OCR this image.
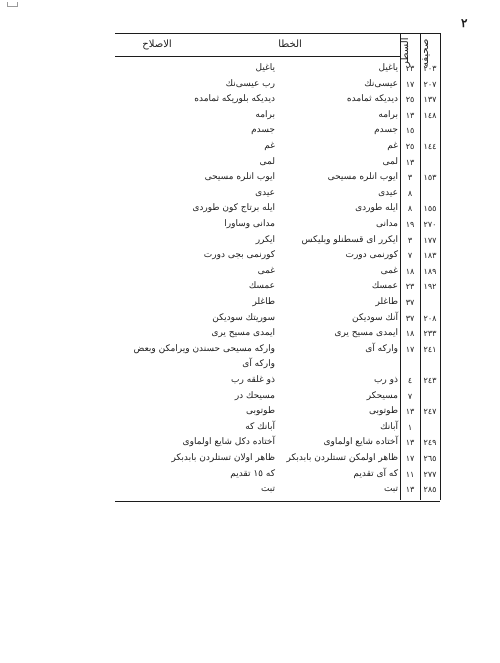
٢
صحيفه
السطر
الخطا
الاصلاح
٢٠٣
٢٣
ياغيل
ياغيل
٢٠٧
١٧
عيسى‌نك
رب عيسى‌نك
١٣٧
٢٥
ديديكه ثمامده
ديديكه بلوريكه ثمامده
١٤٨
١٣
برامه
برامه
١٥
جسدم
جسدم
١٤٤
٢٥
غم
غم
١٣
لمى
لمى
١٥٣
٣
ايوب انلره مسيحى
ايوب انلره مسيحى
٨
عيدى
عيدى
١٥٥
٨
ايله طوردى
ايله برتاج كون طوردى
٢٧٠
١٩
مدانى
مدانى وساورا
١٧٧
٣
ايكرر اى قسطنلو وبليكس
ايكرر
١٨٣
٧
كورنمى دورت
كورنمى بجى دورت
١٨٩
١٨
غمى
غمى
١٩٢
٢٣
عمسك
عمسك
٣٧
طاغلر
طاغلر
٢٠٨
٣٧
آنك سوديكن
سوريتك سوديكن
٢٣٣
١٨
ايمدى مسيح يرى
ايمدى مسيح يرى
٢٤١
١٧
واركه آى
واركه مسيحى حسندن ويرامكن وبعض
واركه آى
٢٤٣
٤
ذو رب
ذو غلقه رب
٧
مسيحكر
مسيحك در
٢٤٧
١٣
طوتوبى
طوتوبى
١
آبانك
آبانك كه
٢٤٩
١٣
آختاده شايع اولماوى
آختاده دكل شايع اولماوى
٢٦٥
١٧
ظاهر اولمكن تستلردن بابدبكر
ظاهر اولان تستلردن بابدبكر
٢٧٧
١١
كه آى تقديم
كه ١٥ تقديم
٢٨٥
١٣
تبت
تبت
